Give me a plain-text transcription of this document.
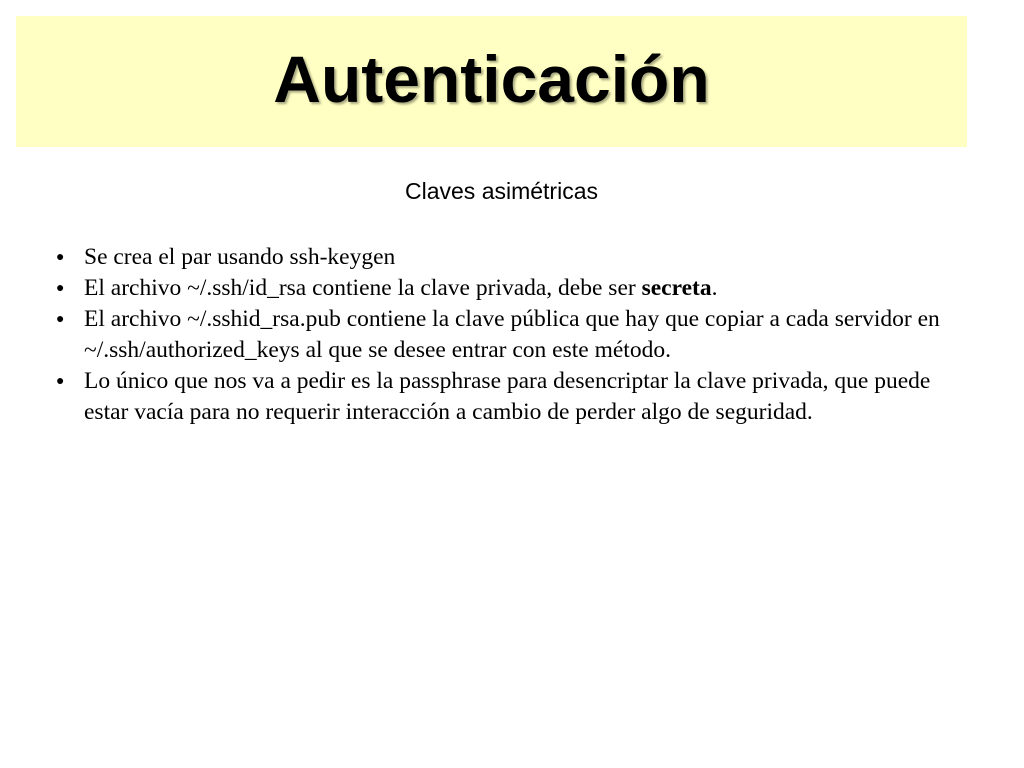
Autenticación
Claves asimétricas
● Se crea el par usando ssh-keygen
● El archivo ~/.ssh/id_rsa contiene la clave privada, debe ser secreta.
● El archivo ~/.sshid_rsa.pub contiene la clave pública que hay que copiar a cada servidor en ~/.ssh/authorized_keys al que se desee entrar con este método.
● Lo único que nos va a pedir es la passphrase para desencriptar la clave privada, que puede estar vacía para no requerir interacción a cambio de perder algo de seguridad.
